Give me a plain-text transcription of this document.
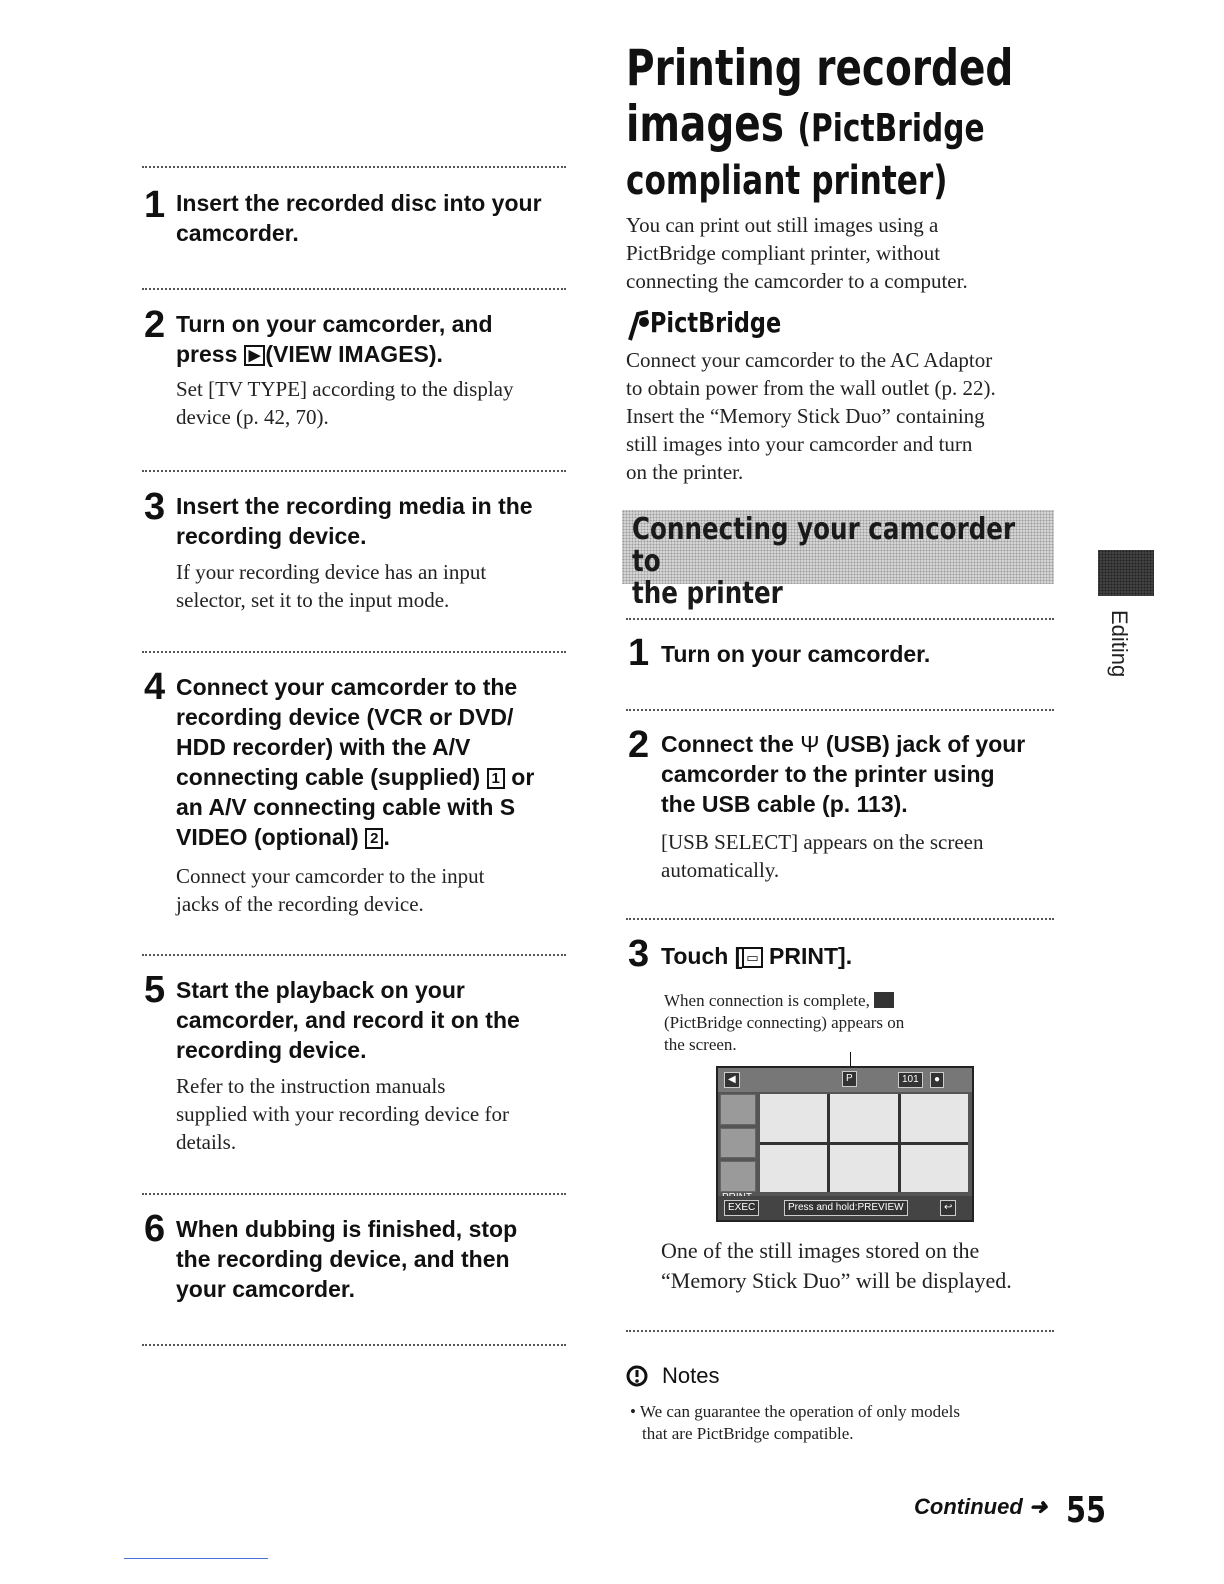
1 Insert the recorded disc into your
camcorder.
2 Turn on your camcorder, and
press ▶ (VIEW IMAGES).
Set [TV TYPE] according to the display
device (p. 42, 70).
3 Insert the recording media in the
recording device.
If your recording device has an input
selector, set it to the input mode.
4 Connect your camcorder to the
recording device (VCR or DVD/
HDD recorder) with the A/V
connecting cable (supplied) 1 or
an A/V connecting cable with S
VIDEO (optional) 2 .
Connect your camcorder to the input
jacks of the recording device.
5 Start the playback on your
camcorder, and record it on the
recording device.
Refer to the instruction manuals
supplied with your recording device for
details.
6 When dubbing is finished, stop
the recording device, and then
your camcorder.
Printing recorded
images (PictBridge
compliant printer)
You can print out still images using a
PictBridge compliant printer, without
connecting the camcorder to a computer.
PictBridge
Connect your camcorder to the AC Adaptor
to obtain power from the wall outlet (p. 22).
Insert the “Memory Stick Duo” containing
still images into your camcorder and turn
on the printer.
Connecting your camcorder to
the printer
Editing
1 Turn on your camcorder.
2 Connect the Ψ (USB) jack of your
camcorder to the printer using
the USB cable (p. 113).
[USB SELECT] appears on the screen
automatically.
3 Touch [ ▭ PRINT].
When connection is complete,
(PictBridge connecting) appears on
the screen.
◀	P	101	●
EXEC	Press and hold:PREVIEW	↩
One of the still images stored on the
“Memory Stick Duo” will be displayed.
Notes
• We can guarantee the operation of only models
that are PictBridge compatible.
Continued ➜ 55
